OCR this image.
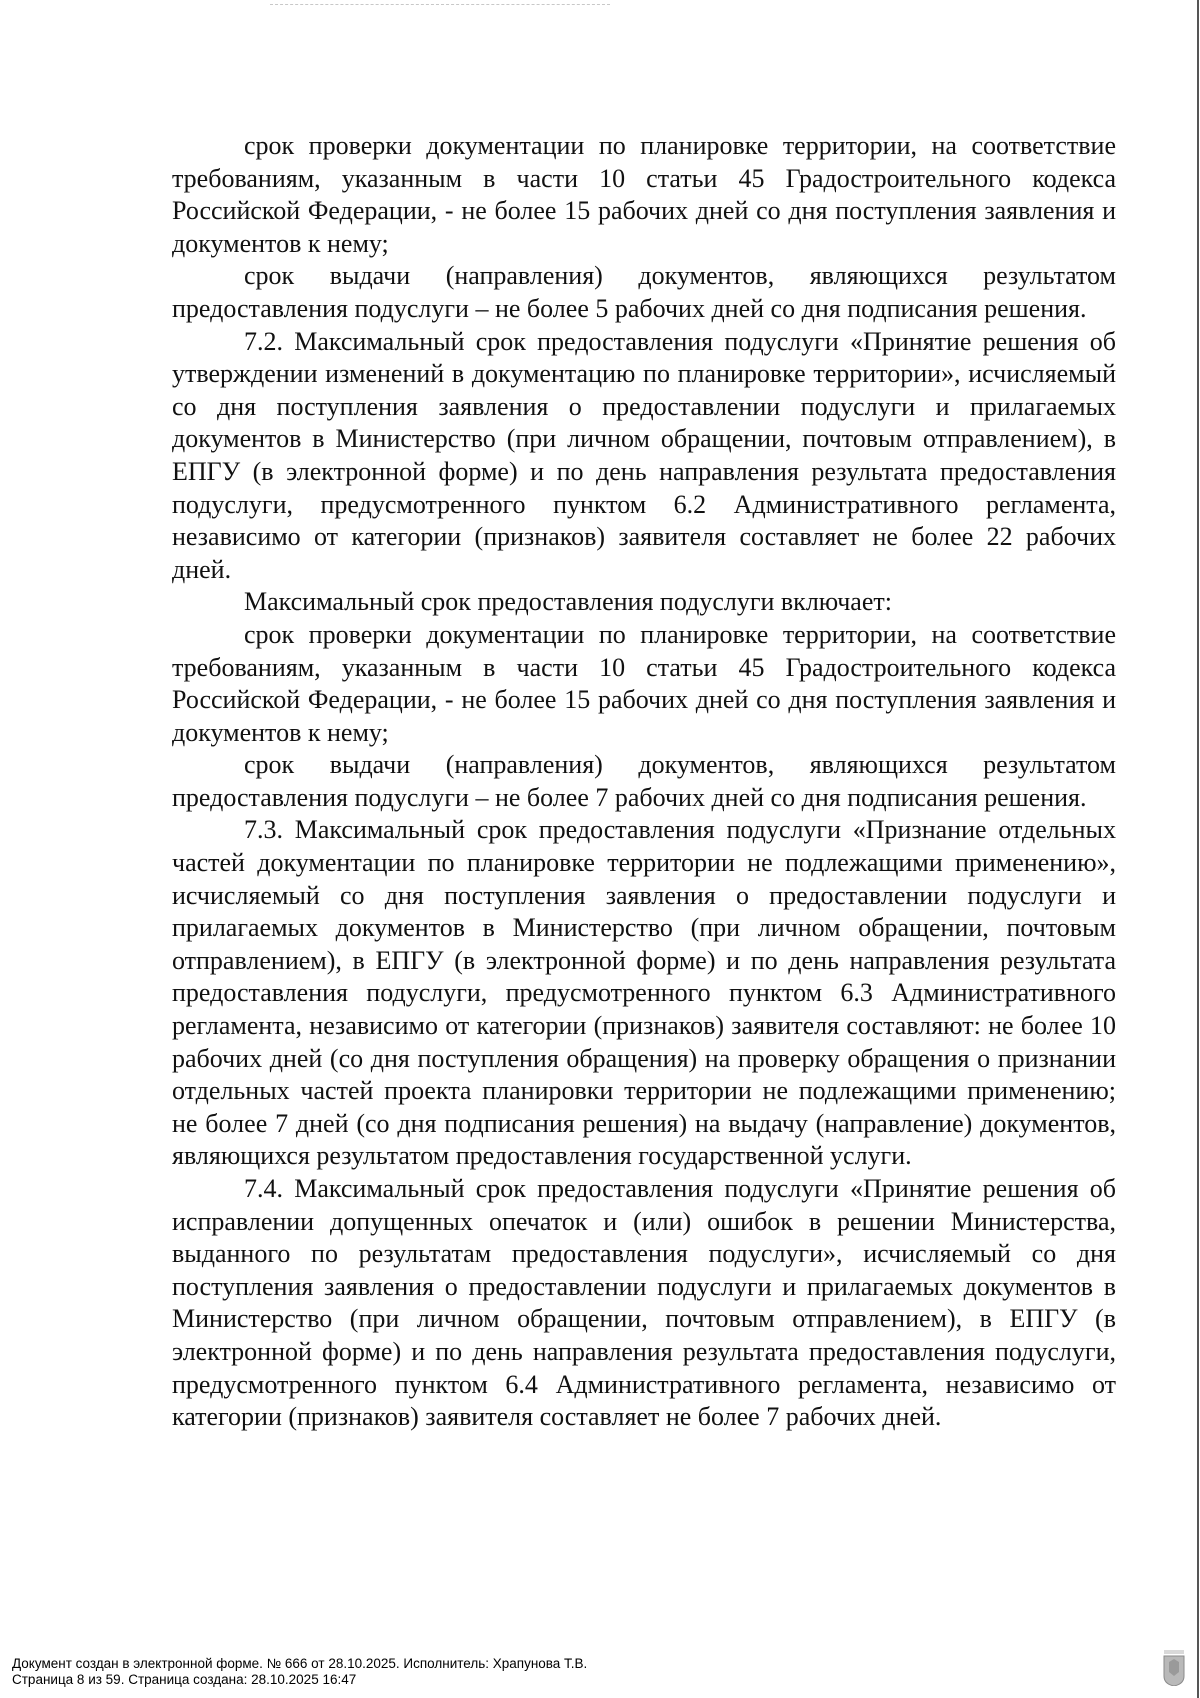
срок проверки документации по планировке территории, на соответствие требованиям, указанным в части 10 статьи 45 Градостроительного кодекса Российской Федерации, - не более 15 рабочих дней со дня поступления заявления и документов к нему;

срок выдачи (направления) документов, являющихся результатом предоставления подуслуги – не более 5 рабочих дней со дня подписания решения.

7.2. Максимальный срок предоставления подуслуги «Принятие решения об утверждении изменений в документацию по планировке территории», исчисляемый со дня поступления заявления о предоставлении подуслуги и прилагаемых документов в Министерство (при личном обращении, почтовым отправлением), в ЕПГУ (в электронной форме) и по день направления результата предоставления подуслуги, предусмотренного пунктом 6.2 Административного регламента, независимо от категории (признаков) заявителя составляет не более 22 рабочих дней.

Максимальный срок предоставления подуслуги включает:

срок проверки документации по планировке территории, на соответствие требованиям, указанным в части 10 статьи 45 Градостроительного кодекса Российской Федерации, - не более 15 рабочих дней со дня поступления заявления и документов к нему;

срок выдачи (направления) документов, являющихся результатом предоставления подуслуги – не более 7 рабочих дней со дня подписания решения.

7.3. Максимальный срок предоставления подуслуги «Признание отдельных частей документации по планировке территории не подлежащими применению», исчисляемый со дня поступления заявления о предоставлении подуслуги и прилагаемых документов в Министерство (при личном обращении, почтовым отправлением), в ЕПГУ (в электронной форме) и по день направления результата предоставления подуслуги, предусмотренного пунктом 6.3 Административного регламента, независимо от категории (признаков) заявителя составляют: не более 10 рабочих дней (со дня поступления обращения) на проверку обращения о признании отдельных частей проекта планировки территории не подлежащими применению; не более 7 дней (со дня подписания решения) на выдачу (направление) документов, являющихся результатом предоставления государственной услуги.

7.4. Максимальный срок предоставления подуслуги «Принятие решения об исправлении допущенных опечаток и (или) ошибок в решении Министерства, выданного по результатам предоставления подуслуги», исчисляемый со дня поступления заявления о предоставлении подуслуги и прилагаемых документов в Министерство (при личном обращении, почтовым отправлением), в ЕПГУ (в электронной форме) и по день направления результата предоставления подуслуги, предусмотренного пунктом 6.4 Административного регламента, независимо от категории (признаков) заявителя составляет не более 7 рабочих дней.

Документ создан в электронной форме. № 666 от 28.10.2025. Исполнитель: Храпунова Т.В.
Страница 8 из 59. Страница создана: 28.10.2025 16:47
